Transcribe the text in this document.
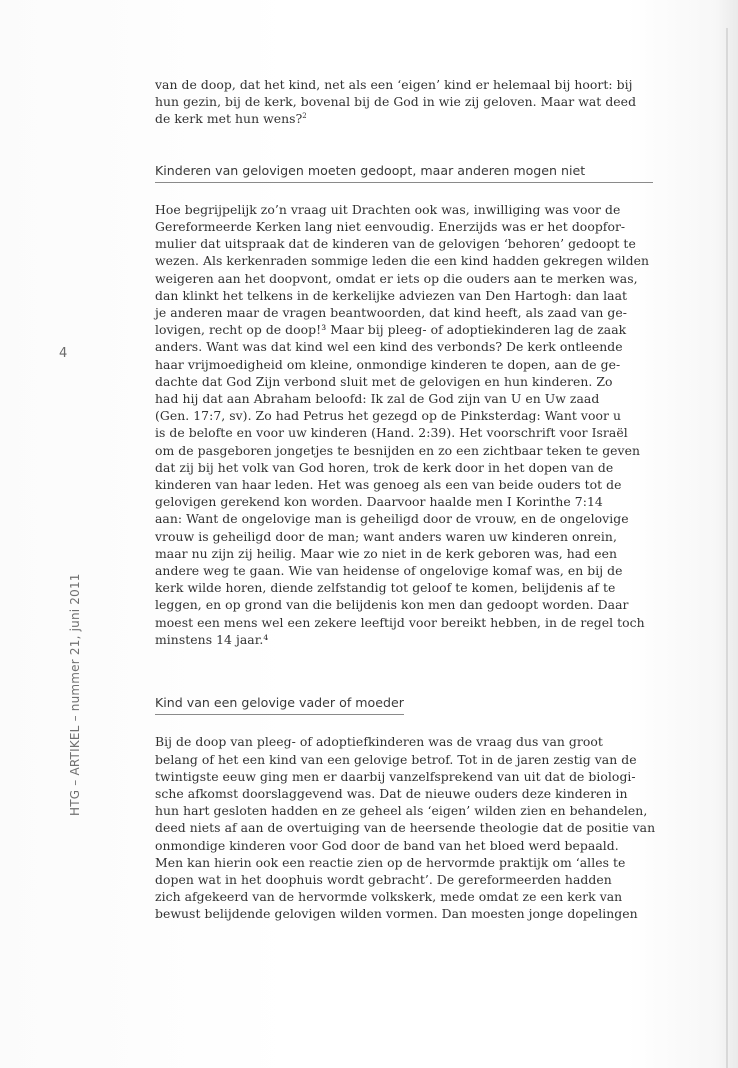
4
HTG – ARTIKEL – nummer 21, juni 2011

van de doop, dat het kind, net als een ‘eigen’ kind er helemaal bij hoort: bij
hun gezin, bij de kerk, bovenal bij de God in wie zij geloven. Maar wat deed
de kerk met hun wens?$^2$

Kinderen van gelovigen moeten gedoopt, maar anderen mogen niet

Hoe begrijpelijk zo’n vraag uit Drachten ook was, inwilliging was voor de
Gereformeerde Kerken lang niet eenvoudig. Enerzijds was er het doopfor-
mulier dat uitspraak dat de kinderen van de gelovigen ‘behoren’ gedoopt te
wezen. Als kerkenraden sommige leden die een kind hadden gekregen wilden
weigeren aan het doopvont, omdat er iets op die ouders aan te merken was,
dan klinkt het telkens in de kerkelijke adviezen van Den Hartogh: dan laat
je anderen maar de vragen beantwoorden, dat kind heeft, als zaad van ge-
lovigen, recht op de doop!³ Maar bij pleeg- of adoptiekinderen lag de zaak
anders. Want was dat kind wel een kind des verbonds? De kerk ontleende
haar vrijmoedigheid om kleine, onmondige kinderen te dopen, aan de ge-
dachte dat God Zijn verbond sluit met de gelovigen en hun kinderen. Zo
had hij dat aan Abraham beloofd: Ik zal de God zijn van U en Uw zaad
(Gen. 17:7, sv). Zo had Petrus het gezegd op de Pinksterdag: Want voor u
is de belofte en voor uw kinderen (Hand. 2:39). Het voorschrift voor Israël
om de pasgeboren jongetjes te besnijden en zo een zichtbaar teken te geven
dat zij bij het volk van God horen, trok de kerk door in het dopen van de
kinderen van haar leden. Het was genoeg als een van beide ouders tot de
gelovigen gerekend kon worden. Daarvoor haalde men I Korinthe 7:14
aan: Want de ongelovige man is geheiligd door de vrouw, en de ongelovige
vrouw is geheiligd door de man; want anders waren uw kinderen onrein,
maar nu zijn zij heilig. Maar wie zo niet in de kerk geboren was, had een
andere weg te gaan. Wie van heidense of ongelovige komaf was, en bij de
kerk wilde horen, diende zelfstandig tot geloof te komen, belijdenis af te
leggen, en op grond van die belijdenis kon men dan gedoopt worden. Daar
moest een mens wel een zekere leeftijd voor bereikt hebben, in de regel toch
minstens 14 jaar.⁴

Kind van een gelovige vader of moeder

Bij de doop van pleeg- of adoptiefkinderen was de vraag dus van groot
belang of het een kind van een gelovige betrof. Tot in de jaren zestig van de
twintigste eeuw ging men er daarbij vanzelfsprekend van uit dat de biologi-
sche afkomst doorslaggevend was. Dat de nieuwe ouders deze kinderen in
hun hart gesloten hadden en ze geheel als ‘eigen’ wilden zien en behandelen,
deed niets af aan de overtuiging van de heersende theologie dat de positie van
onmondige kinderen voor God door de band van het bloed werd bepaald.
Men kan hierin ook een reactie zien op de hervormde praktijk om ‘alles te
dopen wat in het doophuis wordt gebracht’. De gereformeerden hadden
zich afgekeerd van de hervormde volkskerk, mede omdat ze een kerk van
bewust belijdende gelovigen wilden vormen. Dan moesten jonge dopelingen
